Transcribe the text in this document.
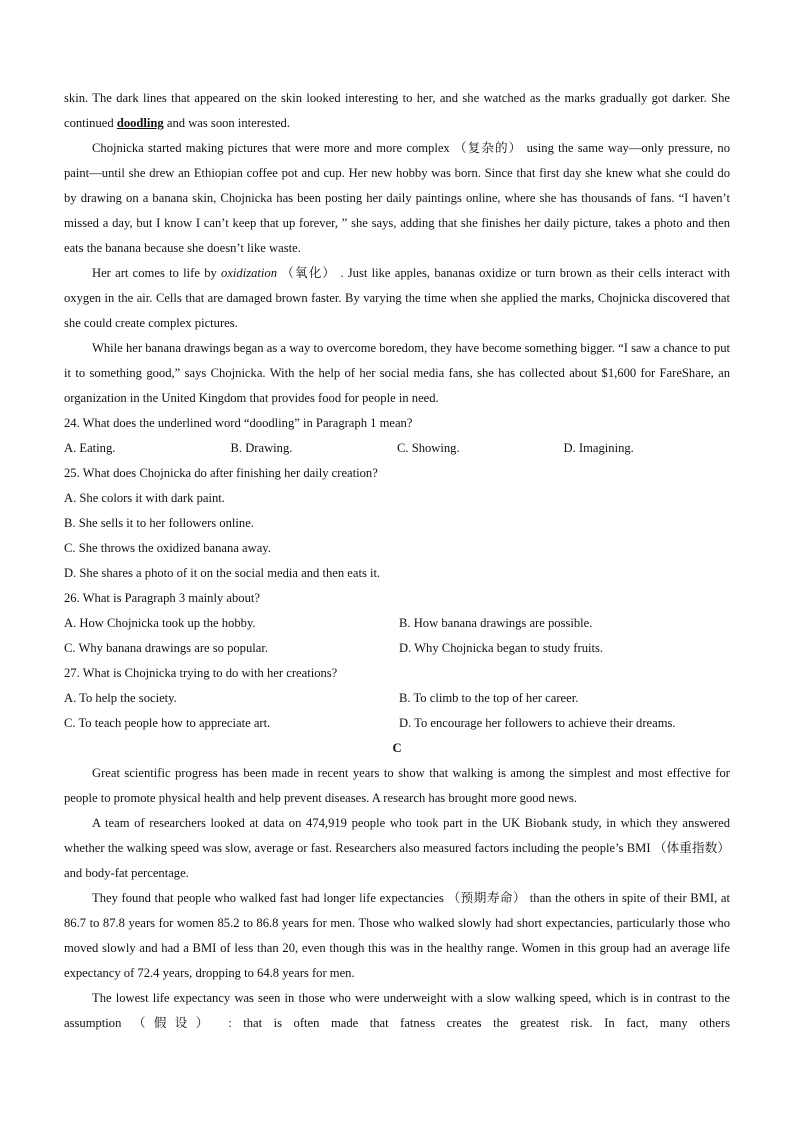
skin. The dark lines that appeared on the skin looked interesting to her, and she watched as the marks gradually got darker. She continued doodling and was soon interested.

Chojnicka started making pictures that were more and more complex （复杂的） using the same way—only pressure, no paint—until she drew an Ethiopian coffee pot and cup. Her new hobby was born. Since that first day she knew what she could do by drawing on a banana skin, Chojnicka has been posting her daily paintings online, where she has thousands of fans. “I haven’t missed a day, but I know I can’t keep that up forever, ” she says, adding that she finishes her daily picture, takes a photo and then eats the banana because she doesn’t like waste.

Her art comes to life by oxidization （氧化） . Just like apples, bananas oxidize or turn brown as their cells interact with oxygen in the air. Cells that are damaged brown faster. By varying the time when she applied the marks, Chojnicka discovered that she could create complex pictures.

While her banana drawings began as a way to overcome boredom, they have become something bigger. “I saw a chance to put it to something good,” says Chojnicka. With the help of her social media fans, she has collected about $1,600 for FareShare, an organization in the United Kingdom that provides food for people in need.

24. What does the underlined word “doodling” in Paragraph 1 mean?
A. Eating.	B. Drawing.	C. Showing.	D. Imagining.
25. What does Chojnicka do after finishing her daily creation?
A. She colors it with dark paint.
B. She sells it to her followers online.
C. She throws the oxidized banana away.
D. She shares a photo of it on the social media and then eats it.
26. What is Paragraph 3 mainly about?
A. How Chojnicka took up the hobby.	B. How banana drawings are possible.
C. Why banana drawings are so popular.	D. Why Chojnicka began to study fruits.
27. What is Chojnicka trying to do with her creations?
A. To help the society.	B. To climb to the top of her career.
C. To teach people how to appreciate art.	D. To encourage her followers to achieve their dreams.
C

Great scientific progress has been made in recent years to show that walking is among the simplest and most effective for people to promote physical health and help prevent diseases. A research has brought more good news.

A team of researchers looked at data on 474,919 people who took part in the UK Biobank study, in which they answered whether the walking speed was slow, average or fast. Researchers also measured factors including the people’s BMI （体重指数） and body-fat percentage.

They found that people who walked fast had longer life expectancies （预期寿命） than the others in spite of their BMI, at 86.7 to 87.8 years for women 85.2 to 86.8 years for men. Those who walked slowly had short expectancies, particularly those who moved slowly and had a BMI of less than 20, even though this was in the healthy range. Women in this group had an average life expectancy of 72.4 years, dropping to 64.8 years for men.

The lowest life expectancy was seen in those who were underweight with a slow walking speed, which is in contrast to the assumption （假设） : that is often made that fatness creates the greatest risk. In fact, many others
